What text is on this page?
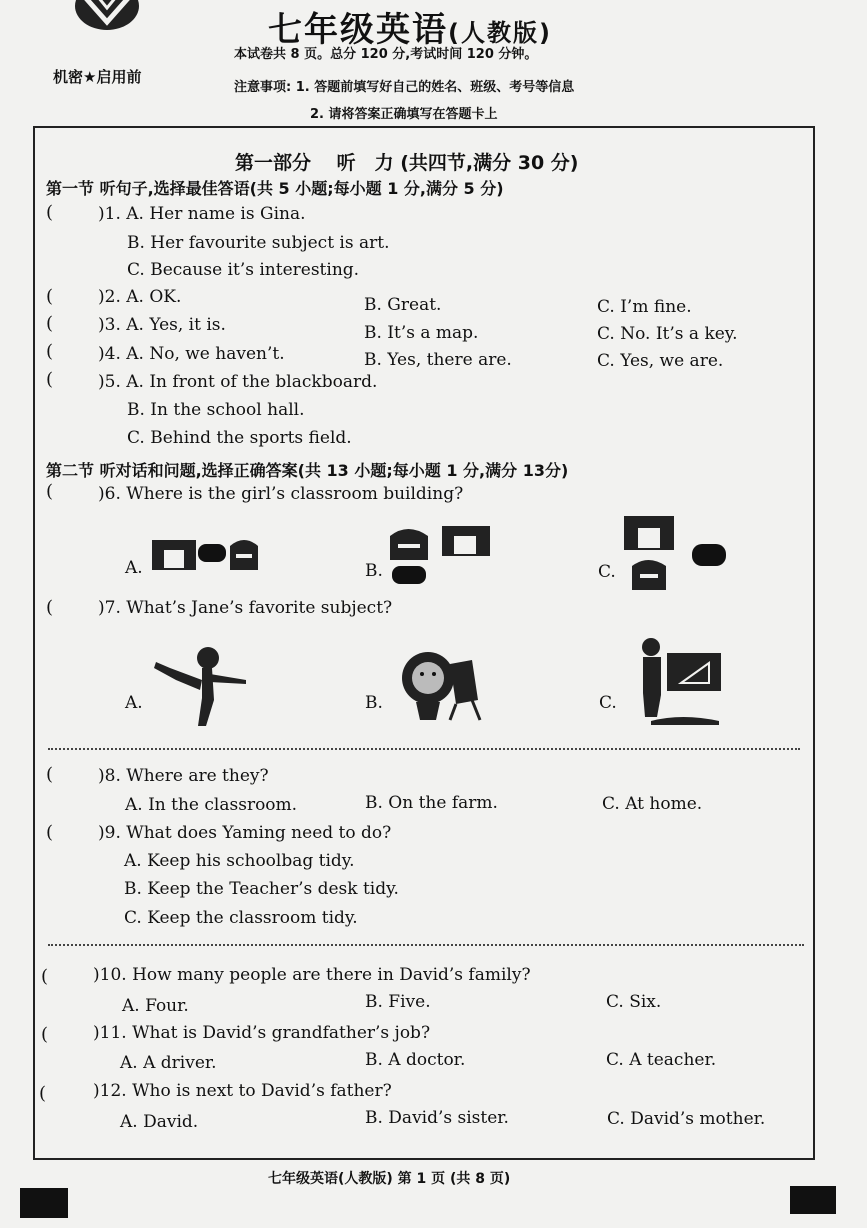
七年级英语(人教版)
机密★启用前
本试卷共 8 页。总分 120 分,考试时间 120 分钟。
注意事项: 1. 答题前填写好自己的姓名、班级、考号等信息
2. 请将答案正确填写在答题卡上
第一部分　 听　力 (共四节,满分 30 分)
第一节 听句子,选择最佳答语(共 5 小题;每小题 1 分,满分 5 分)
(	)1. A. Her name is Gina.
B. Her favourite subject is art.
C. Because it’s interesting.
(	)2. A. OK.	B. Great.	C. I’m fine.
(	)3. A. Yes, it is.	B. It’s a map.	C. No. It’s a key.
(	)4. A. No, we haven’t.	B. Yes, there are.	C. Yes, we are.
(	)5. A. In front of the blackboard.
B. In the school hall.
C. Behind the sports field.
第二节 听对话和问题,选择正确答案(共 13 小题;每小题 1 分,满分 13分)
(	)6. Where is the girl’s classroom building?
A.	B.	C.
(	)7. What’s Jane’s favorite subject?
A.	B.	C.
(	)8. Where are they?
A. In the classroom.	B. On the farm.	C. At home.
(	)9. What does Yaming need to do?
A. Keep his schoolbag tidy.
B. Keep the Teacher’s desk tidy.
C. Keep the classroom tidy.
(	)10. How many people are there in David’s family?
A. Four.	B. Five.	C. Six.
(	)11. What is David’s grandfather’s job?
A. A driver.	B. A doctor.	C. A teacher.
(	)12. Who is next to David’s father?
A. David.	B. David’s sister.	C. David’s mother.
七年级英语(人教版) 第 1 页 (共 8 页)
